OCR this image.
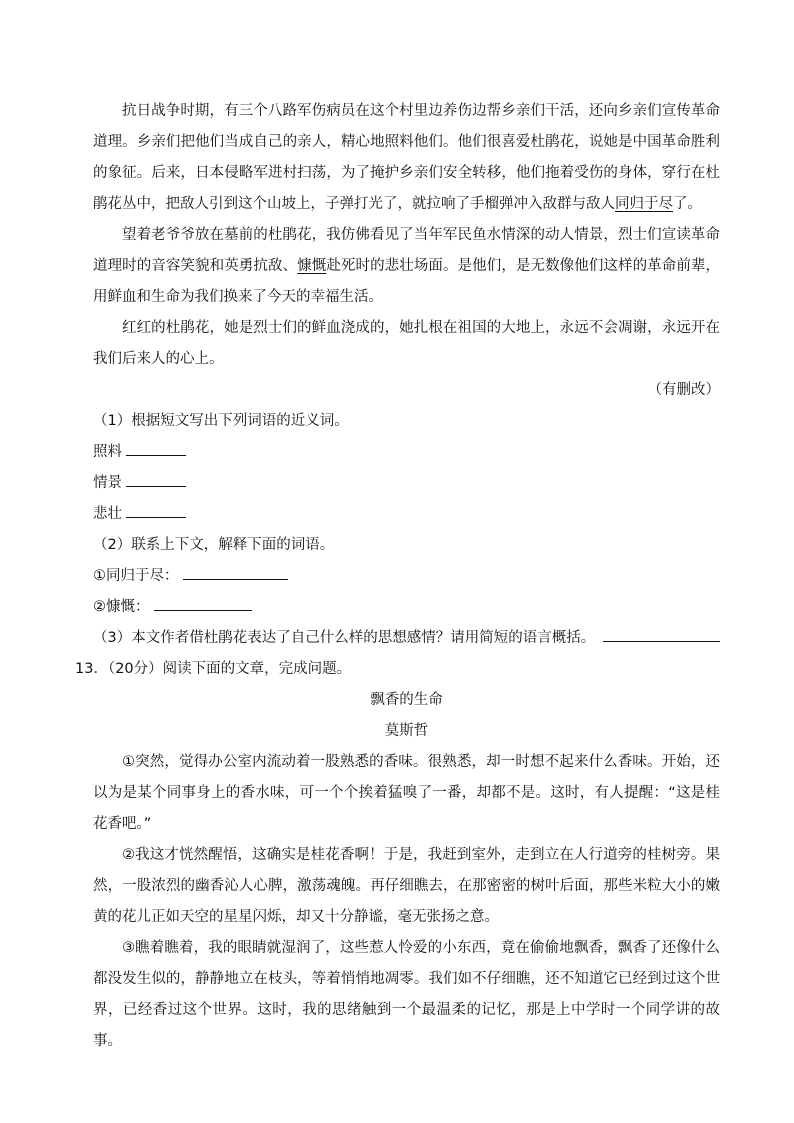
抗日战争时期，有三个八路军伤病员在这个村里边养伤边帮乡亲们干活，还向乡亲们宣传革命道理。乡亲们把他们当成自己的亲人，精心地照料他们。他们很喜爱杜鹃花，说她是中国革命胜利的象征。后来，日本侵略军进村扫荡，为了掩护乡亲们安全转移，他们拖着受伤的身体，穿行在杜鹃花丛中，把敌人引到这个山坡上，子弹打光了，就拉响了手榴弹冲入敌群与敌人同归于尽了。

望着老爷爷放在墓前的杜鹃花，我仿佛看见了当年军民鱼水情深的动人情景，烈士们宣读革命道理时的音容笑貌和英勇抗敌、慷慨赴死时的悲壮场面。是他们，是无数像他们这样的革命前辈，用鲜血和生命为我们换来了今天的幸福生活。

红红的杜鹃花，她是烈士们的鲜血浇成的，她扎根在祖国的大地上，永远不会凋谢，永远开在我们后来人的心上。

（有删改）

（1）根据短文写出下列词语的近义词。

照料

情景

悲壮

（2）联系上下文，解释下面的词语。

①同归于尽：

②慷慨：

（3）本文作者借杜鹃花表达了自己什么样的思想感情？请用简短的语言概括。

13．（20分）阅读下面的文章，完成问题。

飘香的生命

莫斯哲

①突然，觉得办公室内流动着一股熟悉的香味。很熟悉，却一时想不起来什么香味。开始，还以为是某个同事身上的香水味，可一个个挨着猛嗅了一番，却都不是。这时，有人提醒：“这是桂花香吧。”

②我这才恍然醒悟，这确实是桂花香啊！于是，我赶到室外，走到立在人行道旁的桂树旁。果然，一股浓烈的幽香沁人心脾，激荡魂魄。再仔细瞧去，在那密密的树叶后面，那些米粒大小的嫩黄的花儿正如天空的星星闪烁，却又十分静谧，毫无张扬之意。

③瞧着瞧着，我的眼睛就湿润了，这些惹人怜爱的小东西，竟在偷偷地飘香，飘香了还像什么都没发生似的，静静地立在枝头，等着悄悄地凋零。我们如不仔细瞧，还不知道它已经到过这个世界，已经香过这个世界。这时，我的思绪触到一个最温柔的记忆，那是上中学时一个同学讲的故事。
